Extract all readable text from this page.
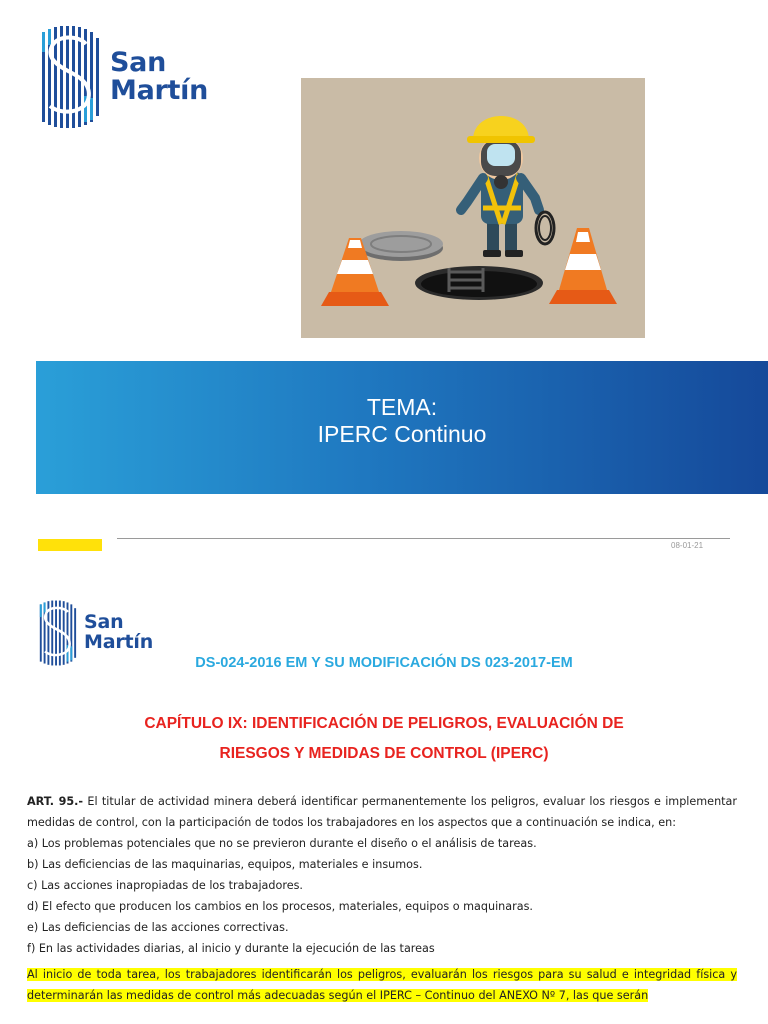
San
Martín
TEMA:
IPERC Continuo
08-01-21
San
Martín
DS-024-2016 EM Y SU MODIFICACIÓN DS 023-2017-EM
CAPÍTULO IX: IDENTIFICACIÓN DE PELIGROS, EVALUACIÓN DE
RIESGOS Y MEDIDAS DE CONTROL (IPERC)

ART. 95.- El titular de actividad minera deberá identificar permanentemente los peligros, evaluar los riesgos e implementar medidas de control, con la participación de todos los trabajadores en los aspectos que a continuación se indica, en:

a) Los problemas potenciales que no se previeron durante el diseño o el análisis de tareas.
b) Las deficiencias de las maquinarias, equipos, materiales e insumos.
c) Las acciones inapropiadas de los trabajadores.
d) El efecto que producen los cambios en los procesos, materiales, equipos o maquinaras.
e) Las deficiencias de las acciones correctivas.
f) En las actividades diarias, al inicio y durante la ejecución de las tareas

Al inicio de toda tarea, los trabajadores identificarán los peligros, evaluarán los riesgos para su salud e integridad física y determinarán las medidas de control más adecuadas según el IPERC – Continuo del ANEXO Nº 7, las que serán
